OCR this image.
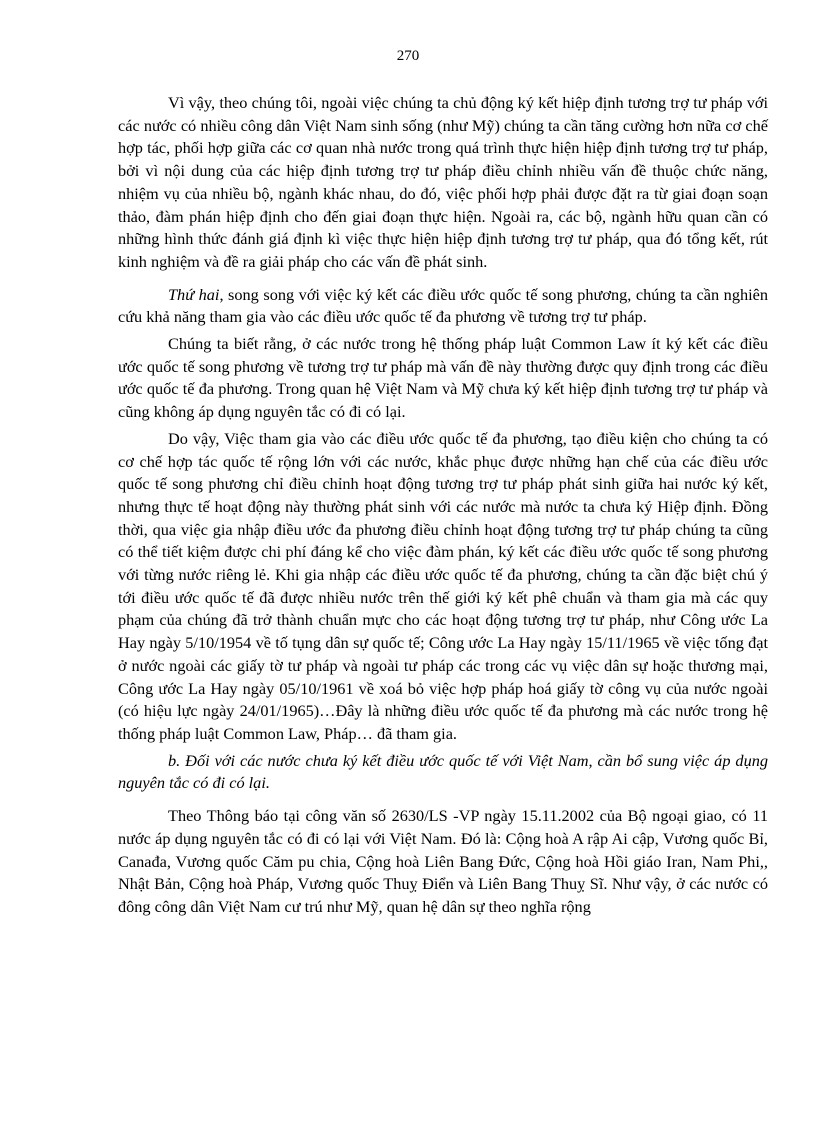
270

Vì vậy, theo chúng tôi, ngoài việc chúng ta chủ động ký kết hiệp định tương trợ tư pháp với các nước có nhiều công dân Việt Nam sinh sống (như Mỹ) chúng ta cần tăng cường hơn nữa cơ chế hợp tác, phối hợp giữa các cơ quan nhà nước trong quá trình thực hiện hiệp định tương trợ tư pháp, bởi vì nội dung của các hiệp định tương trợ tư pháp điều chỉnh nhiều vấn đề thuộc chức năng, nhiệm vụ của nhiều bộ, ngành khác nhau, do đó, việc phối hợp phải được đặt ra từ giai đoạn soạn thảo, đàm phán hiệp định cho đến giai đoạn thực hiện. Ngoài ra, các bộ, ngành hữu quan cần có những hình thức đánh giá định kì việc thực hiện hiệp định tương trợ tư pháp, qua đó tổng kết, rút kinh nghiệm và đề ra giải pháp cho các vấn đề phát sinh.

Thứ hai, song song với việc ký kết các điều ước quốc tế song phương, chúng ta cần nghiên cứu khả năng tham gia vào các điều ước quốc tế đa phương về tương trợ tư pháp.

Chúng ta biết rằng, ở các nước trong hệ thống pháp luật Common Law ít ký kết các điều ước quốc tế song phương về tương trợ tư pháp mà vấn đề này thường được quy định trong các điều ước quốc tế đa phương. Trong quan hệ Việt Nam và Mỹ chưa ký kết hiệp định tương trợ tư pháp và cũng không áp dụng nguyên tắc có đi có lại.

Do vậy, Việc tham gia vào các điều ước quốc tế đa phương, tạo điều kiện cho chúng ta có cơ chế hợp tác quốc tế rộng lớn với các nước, khắc phục được những hạn chế của các điều ước quốc tế song phương chỉ điều chỉnh hoạt động tương trợ tư pháp phát sinh giữa hai nước ký kết, nhưng thực tế hoạt động này thường phát sinh với các nước mà nước ta chưa ký Hiệp định. Đồng thời, qua việc gia nhập điều ước đa phương điều chỉnh hoạt động tương trợ tư pháp chúng ta cũng có thể tiết kiệm được chi phí đáng kể cho việc đàm phán, ký kết các điều ước quốc tế song phương với từng nước riêng lẻ. Khi gia nhập các điều ước quốc tế đa phương, chúng ta cần đặc biệt chú ý tới điều ước quốc tế đã được nhiều nước trên thế giới ký kết phê chuẩn và tham gia mà các quy phạm của chúng đã trở thành chuẩn mực cho các hoạt động tương trợ tư pháp, như Công ước La Hay ngày 5/10/1954 về tố tụng dân sự quốc tế; Công ước La Hay ngày 15/11/1965 về việc tống đạt ở nước ngoài các giấy tờ tư pháp và ngoài tư pháp các trong các vụ việc dân sự hoặc thương mại, Công ước La Hay ngày 05/10/1961 về xoá bỏ việc hợp pháp hoá giấy tờ công vụ của nước ngoài (có hiệu lực ngày 24/01/1965)…Đây là những điều ước quốc tế đa phương mà các nước trong hệ thống pháp luật Common Law, Pháp… đã tham gia.

b. Đối với các nước chưa ký kết điều ước quốc tế với Việt Nam, cần bổ sung việc áp dụng nguyên tắc có đi có lại.

Theo Thông báo tại công văn số 2630/LS -VP ngày 15.11.2002 của Bộ ngoại giao, có 11 nước áp dụng nguyên tắc có đi có lại với Việt Nam. Đó là: Cộng hoà A rập Ai cập, Vương quốc Bỉ, Canađa, Vương quốc Căm pu chia, Cộng hoà Liên Bang Đức, Cộng hoà Hồi giáo Iran, Nam Phi,, Nhật Bản, Cộng hoà Pháp, Vương quốc Thuỵ Điển và Liên Bang Thuỵ Sĩ. Như vậy, ở các nước có đông công dân Việt Nam cư trú như Mỹ, quan hệ dân sự theo nghĩa rộng
